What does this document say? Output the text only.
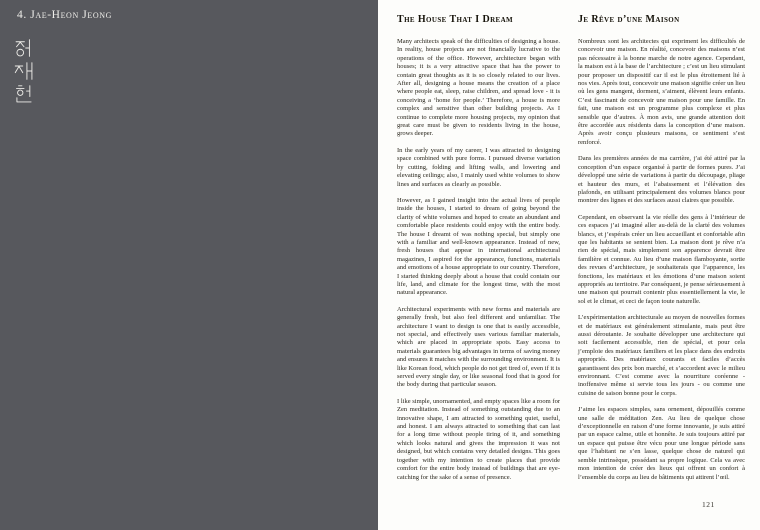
4. Jae-Heon Jeong	The House That I Dream

Many architects speak of the difficulties of designing a house. In reality, house projects are not financially lucrative to the operations of the office. However, architecture began with houses; it is a very attractive space that has the power to contain great thoughts as it is so closely related to our lives. After all, designing a house means the creation of a place where people eat, sleep, raise children, and spread love - it is conceiving a ‘home for people.’ Therefore, a house is more complex and sensitive than other building projects. As I continue to complete more housing projects, my opinion that great care must be given to residents living in the house, grows deeper.

In the early years of my career, I was attracted to designing space combined with pure forms. I pursued diverse variation by cutting, folding and lifting walls, and lowering and elevating ceilings; also, I mainly used white volumes to show lines and surfaces as clearly as possible.

However, as I gained insight into the actual lives of people inside the houses, I started to dream of going beyond the clarity of white volumes and hoped to create an abundant and comfortable place residents could enjoy with the entire body. The house I dreamt of was nothing special, but simply one with a familiar and well-known appearance. Instead of new, fresh houses that appear in international architectural magazines, I aspired for the appearance, functions, materials and emotions of a house appropriate to our country. Therefore, I started thinking deeply about a house that could contain our life, land, and climate for the longest time, with the most natural appearance.

Architectural experiments with new forms and materials are generally fresh, but also feel different and unfamiliar. The architecture I want to design is one that is easily accessible, not special, and effectively uses various familiar materials, which are placed in appropriate spots. Easy access to materials guarantees big advantages in terms of saving money and ensures it matches with the surrounding environment. It is like Korean food, which people do not get tired of, even if it is served every single day, or like seasonal food that is good for the body during that particular season.

I like simple, unornamented, and empty spaces like a room for Zen meditation. Instead of something outstanding due to an innovative shape, I am attracted to something quiet, useful, and honest. I am always attracted to something that can last for a long time without people tiring of it, and something which looks natural and gives the impression it was not designed, but which contains very detailed designs. This goes together with my intention to create places that provide comfort for the entire body instead of buildings that are eye-catching for the sake of a sense of presence.

Je Rêve d’une Maison

Nombreux sont les architectes qui expriment les difficultés de concevoir une maison. En réalité, concevoir des maisons n’est pas nécessaire à la bonne marche de notre agence. Cependant, la maison est à la base de l’architecture ; c’est un lieu stimulant pour proposer un dispositif car il est le plus étroitement lié à nos vies. Après tout, concevoir une maison signifie créer un lieu où les gens mangent, dorment, s’aiment, élèvent leurs enfants. C’est fascinant de concevoir une maison pour une famille. En fait, une maison est un programme plus complexe et plus sensible que d’autres. À mon avis, une grande attention doit être accordée aux résidents dans la conception d’une maison. Après avoir conçu plusieurs maisons, ce sentiment s’est renforcé.

Dans les premières années de ma carrière, j’ai été attiré par la conception d’un espace organisé à partir de formes pures. J’ai développé une série de variations à partir du découpage, pliage et hauteur des murs, et l’abaissement et l’élévation des plafonds, en utilisant principalement des volumes blancs pour montrer des lignes et des surfaces aussi claires que possible.

Cependant, en observant la vie réelle des gens à l’intérieur de ces espaces j’ai imaginé aller au-delà de la clarté des volumes blancs, et j’espérais créer un lieu accueillant et confortable afin que les habitants se sentent bien. La maison dont je rêve n’a rien de spécial, mais simplement son apparence devrait être familière et connue. Au lieu d’une maison flamboyante, sortie des revues d’architecture, je souhaiterais que l’apparence, les fonctions, les matériaux et les émotions d’une maison soient appropriés au territoire. Par conséquent, je pense sérieusement à une maison qui pourrait contenir plus essentiellement la vie, le sol et le climat, et ceci de façon toute naturelle.

L’expérimentation architecturale au moyen de nouvelles formes et de matériaux est généralement stimulante, mais peut être aussi déroutante. Je souhaite développer une architecture qui soit facilement accessible, rien de spécial, et pour cela j’emploie des matériaux familiers et les place dans des endroits appropriés. Des matériaux courants et faciles d’accès garantissent des prix bon marché, et s’accordent avec le milieu environnant. C’est comme avec la nourriture coréenne - inoffensive même si servie tous les jours - ou comme une cuisine de saison bonne pour le corps.

J’aime les espaces simples, sans ornement, dépouillés comme une salle de méditation Zen. Au lieu de quelque chose d’exceptionnelle en raison d’une forme innovante, je suis attiré par un espace calme, utile et honnête. Je suis toujours attiré par un espace qui puisse être vécu pour une longue période sans que l’habitant ne s’en lasse, quelque chose de naturel qui semble intrinsèque, possédant sa propre logique. Cela va avec mon intention de créer des lieux qui offrent un confort à l’ensemble du corps au lieu de bâtiments qui attirent l’œil.

121
